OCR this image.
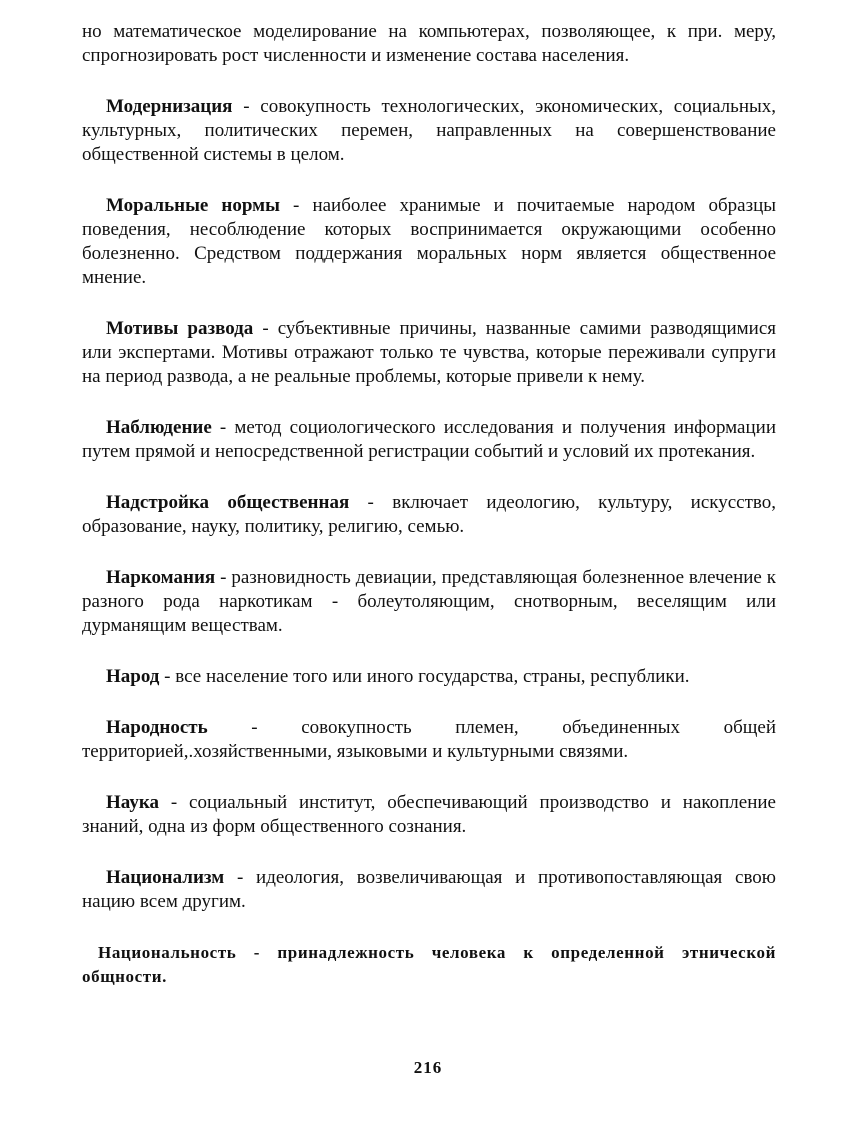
но математическое моделирование на компьютерах, позволяющее, к при. меру, спрогнозировать рост численности и изменение состава населения.

Модернизация - совокупность технологических, экономических, социальных, культурных, политических перемен, направленных на совершенствование общественной системы в целом.

Моральные нормы - наиболее хранимые и почитаемые народом образцы поведения, несоблюдение которых воспринимается окружающими особенно болезненно. Средством поддержания моральных норм является общественное мнение.

Мотивы развода - субъективные причины, названные самими разводящимися или экспертами. Мотивы отражают только те чувства, которые переживали супруги на период развода, а не реальные проблемы, которые привели к нему.

Наблюдение - метод социологического исследования и получения информации путем прямой и непосредственной регистрации событий и условий их протекания.

Надстройка общественная - включает идеологию, культуру, искусство, образование, науку, политику, религию, семью.

Наркомания - разновидность девиации, представляющая болезненное влечение к разного рода наркотикам - болеутоляющим, снотворным, веселящим или дурманящим веществам.

Народ - все население того или иного государства, страны, республики.

Народность - совокупность племен, объединенных общей территорией,.хозяйственными, языковыми и культурными связями.

Наука - социальный институт, обеспечивающий производство и накопление знаний, одна из форм общественного сознания.

Национализм - идеология, возвеличивающая и противопоставляющая свою нацию всем другим.

Национальность - принадлежность человека к определенной этнической общности.

216
